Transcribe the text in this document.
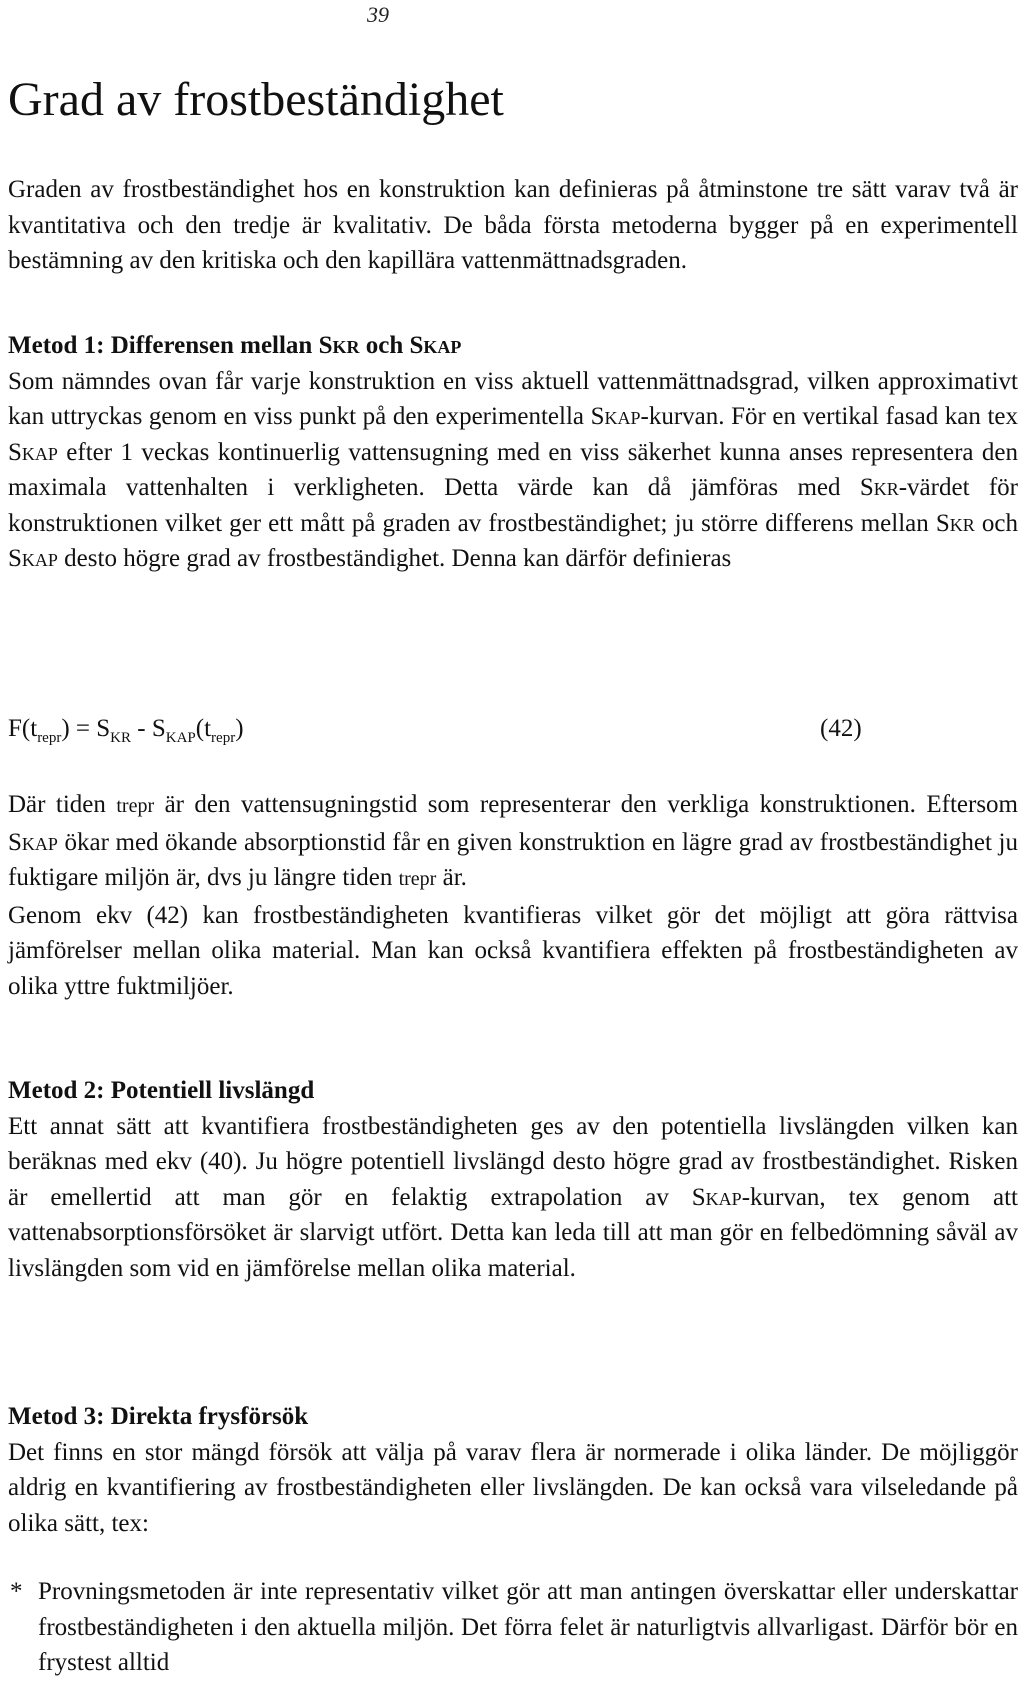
39
Grad av frostbeständighet

Graden av frostbeständighet hos en konstruktion kan definieras på åtminstone tre sätt varav två är kvantitativa och den tredje är kvalitativ. De båda första metoderna bygger på en experimentell bestämning av den kritiska och den kapillära vattenmättnadsgraden.

Metod 1: Differensen mellan Skr och Skap

Som nämndes ovan får varje konstruktion en viss aktuell vattenmättnadsgrad, vilken approximativt kan uttryckas genom en viss punkt på den experimentella Skap-kurvan. För en vertikal fasad kan tex Skap efter 1 veckas kontinuerlig vattensugning med en viss säkerhet kunna anses representera den maximala vattenhalten i verkligheten. Detta värde kan då jämföras med Skr-värdet för konstruktionen vilket ger ett mått på graden av frostbeständighet; ju större differens mellan Skr och Skap desto högre grad av frostbeständighet. Denna kan därför definieras

$F(t_{repr}) = S_{KR} - S_{KAP}(t_{repr})$	(42)

Där tiden trepr är den vattensugningstid som representerar den verkliga konstruktionen. Eftersom Skap ökar med ökande absorptionstid får en given konstruktion en lägre grad av frostbeständighet ju fuktigare miljön är, dvs ju längre tiden trepr är.

Genom ekv (42) kan frostbeständigheten kvantifieras vilket gör det möjligt att göra rättvisa jämförelser mellan olika material. Man kan också kvantifiera effekten på frostbeständigheten av olika yttre fuktmiljöer.

Metod 2: Potentiell livslängd

Ett annat sätt att kvantifiera frostbeständigheten ges av den potentiella livslängden vilken kan beräknas med ekv (40). Ju högre potentiell livslängd desto högre grad av frostbeständighet. Risken är emellertid att man gör en felaktig extrapolation av Skap-kurvan, tex genom att vattenabsorptionsförsöket är slarvigt utfört. Detta kan leda till att man gör en felbedömning såväl av livslängden som vid en jämförelse mellan olika material.

Metod 3: Direkta frysförsök

Det finns en stor mängd försök att välja på varav flera är normerade i olika länder. De möjliggör aldrig en kvantifiering av frostbeständigheten eller livslängden. De kan också vara vilseledande på olika sätt, tex:

* Provningsmetoden är inte representativ vilket gör att man antingen överskattar eller underskattar frostbeständigheten i den aktuella miljön. Det förra felet är naturligtvis allvarligast. Därför bör en frystest alltid
